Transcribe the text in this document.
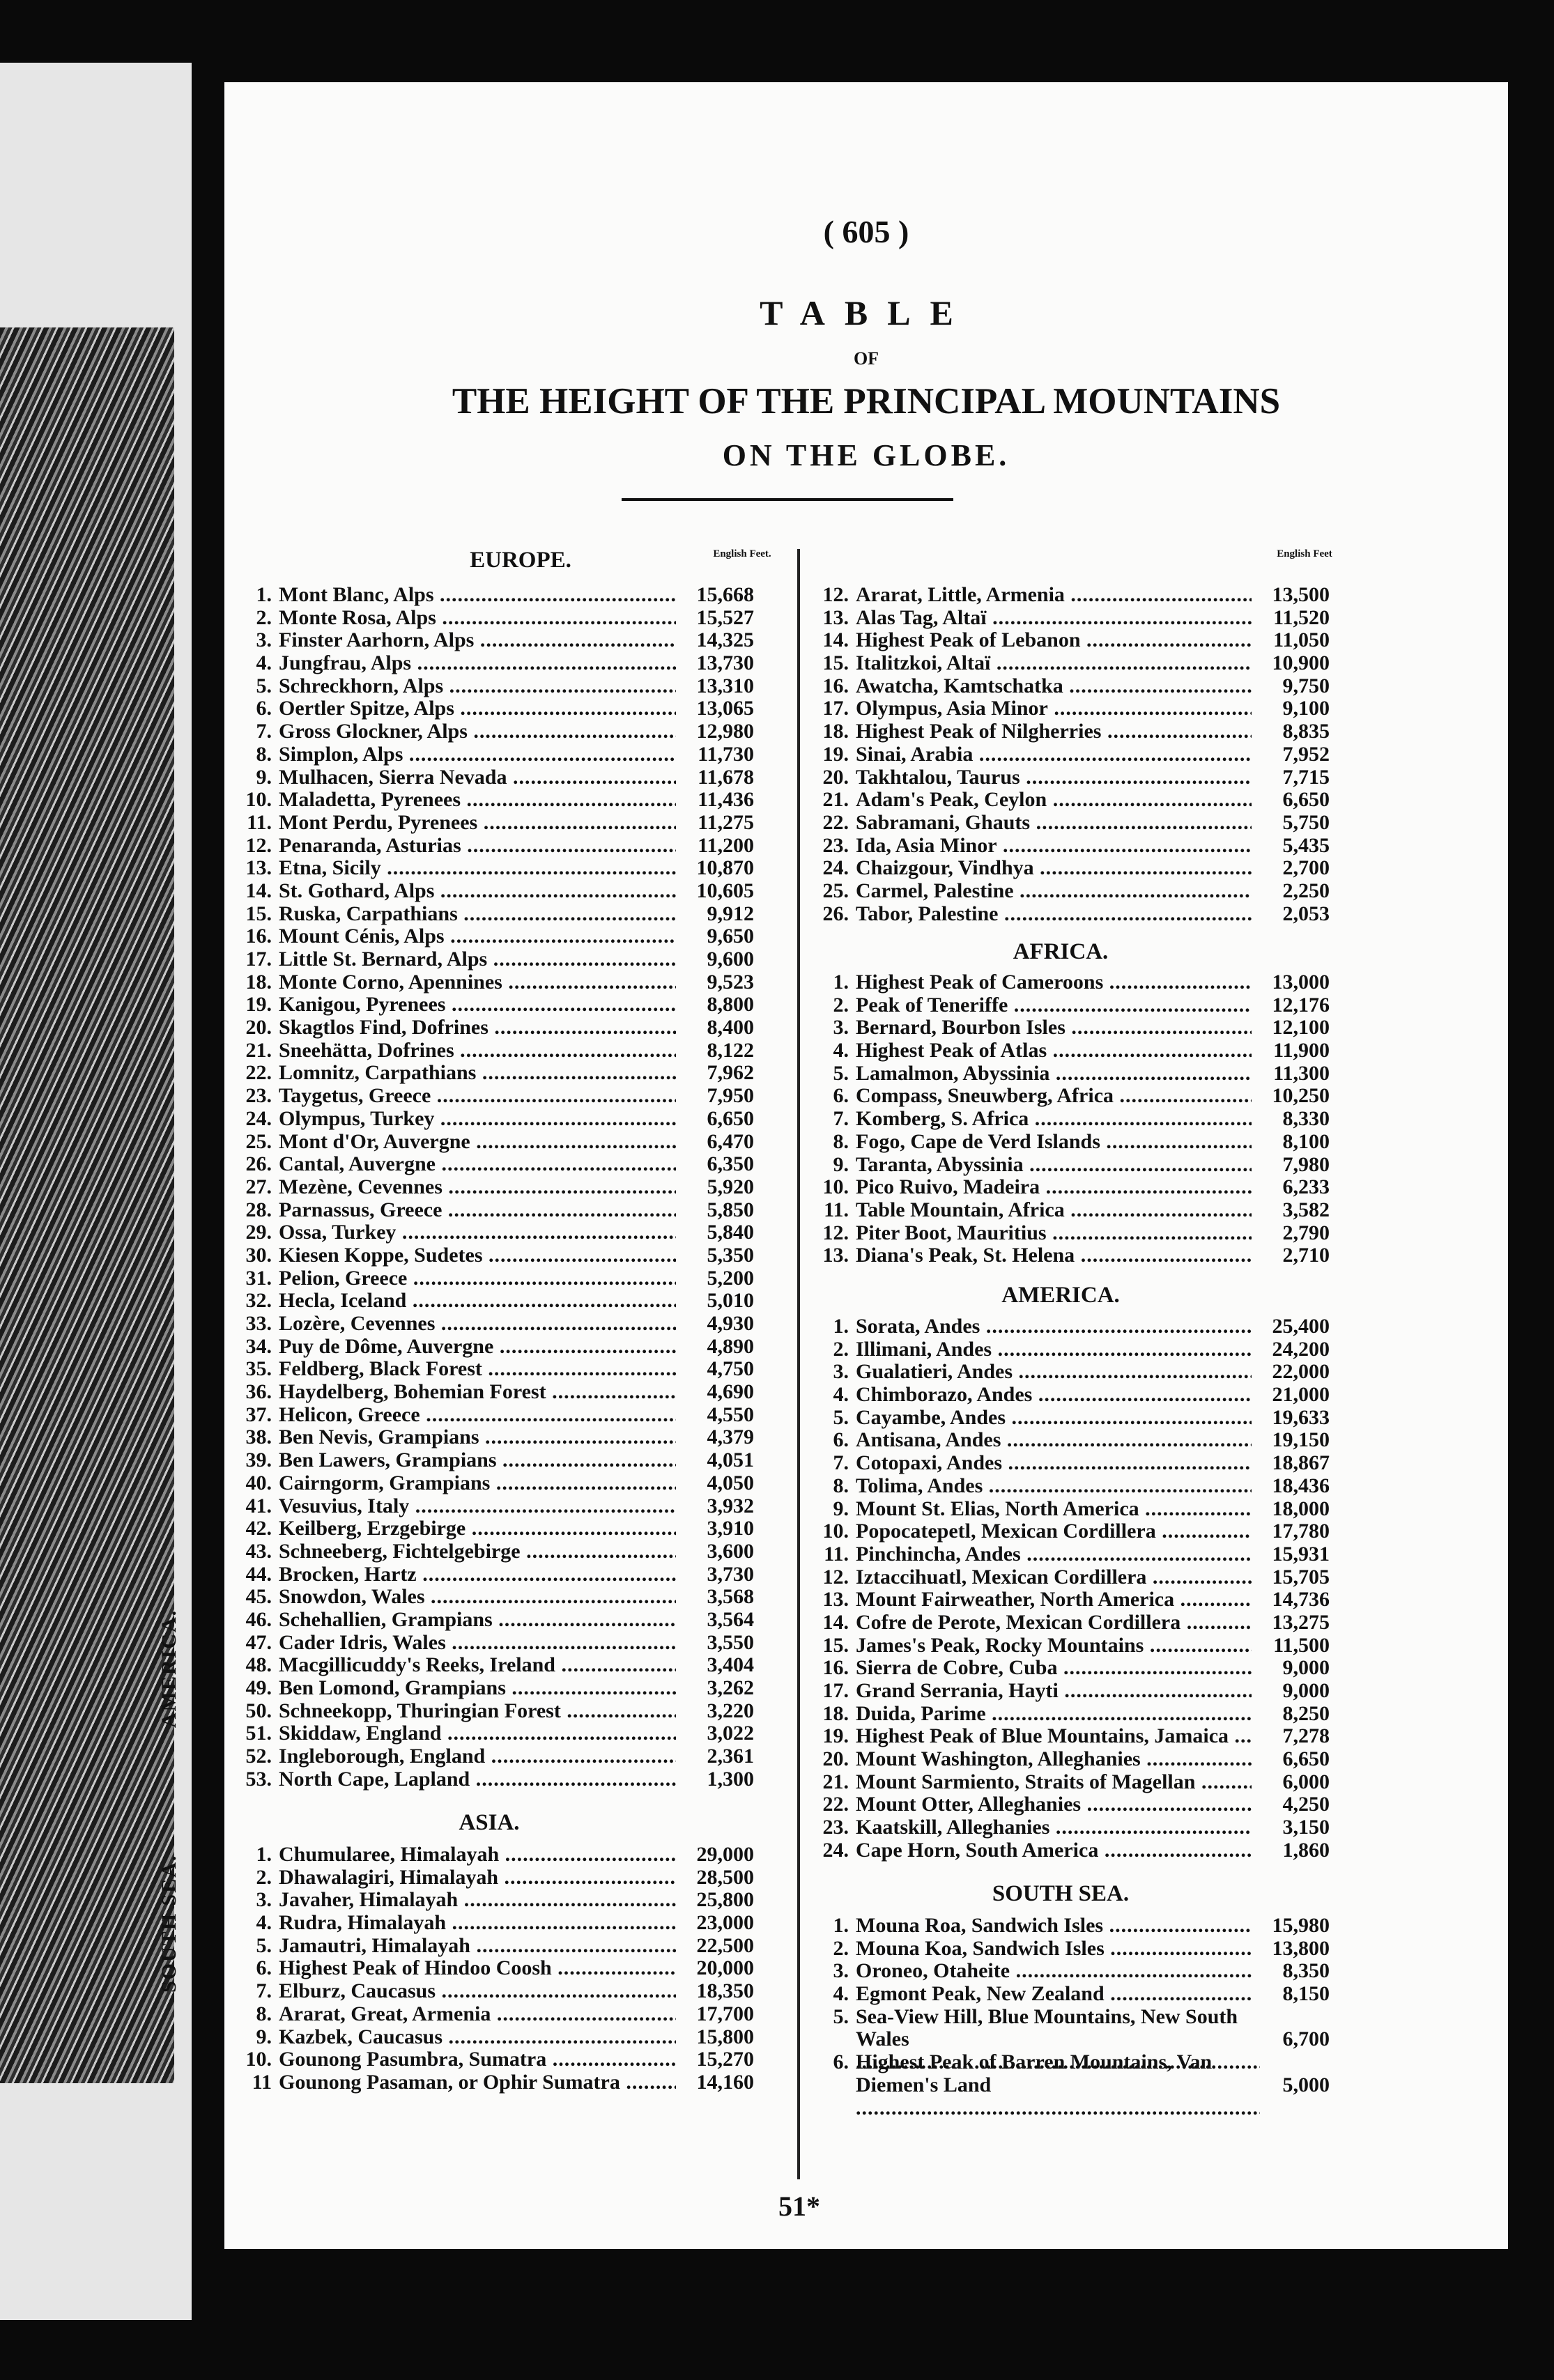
AMERICA.
SOUTH SEA.
( 605 )
TABLE
OF
THE HEIGHT OF THE PRINCIPAL MOUNTAINS
ON THE GLOBE.
EUROPE.	English Feet.
1. Mont Blanc, Alps .....	15,668
2. Monte Rosa, Alps .....	15,527
3. Finster Aarhorn, Alps .....	14,325
4. Jungfrau, Alps .....	13,730
5. Schreckhorn, Alps .....	13,310
6. Oertler Spitze, Alps .....	13,065
7. Gross Glockner, Alps .....	12,980
8. Simplon, Alps .....	11,730
9. Mulhacen, Sierra Nevada .....	11,678
10. Maladetta, Pyrenees .....	11,436
11. Mont Perdu, Pyrenees .....	11,275
12. Penaranda, Asturias .....	11,200
13. Etna, Sicily .....	10,870
14. St. Gothard, Alps .....	10,605
15. Ruska, Carpathians .....	9,912
16. Mount Cénis, Alps .....	9,650
17. Little St. Bernard, Alps .....	9,600
18. Monte Corno, Apennines .....	9,523
19. Kanigou, Pyrenees .....	8,800
20. Skagtlos Find, Dofrines .....	8,400
21. Sneehätta, Dofrines .....	8,122
22. Lomnitz, Carpathians .....	7,962
23. Taygetus, Greece .....	7,950
24. Olympus, Turkey .....	6,650
25. Mont d'Or, Auvergne .....	6,470
26. Cantal, Auvergne .....	6,350
27. Mezène, Cevennes .....	5,920
28. Parnassus, Greece .....	5,850
29. Ossa, Turkey .....	5,840
30. Kiesen Koppe, Sudetes .....	5,350
31. Pelion, Greece .....	5,200
32. Hecla, Iceland .....	5,010
33. Lozère, Cevennes .....	4,930
34. Puy de Dôme, Auvergne .....	4,890
35. Feldberg, Black Forest .....	4,750
36. Haydelberg, Bohemian Forest .....	4,690
37. Helicon, Greece .....	4,550
38. Ben Nevis, Grampians .....	4,379
39. Ben Lawers, Grampians .....	4,051
40. Cairngorm, Grampians .....	4,050
41. Vesuvius, Italy .....	3,932
42. Keilberg, Erzgebirge .....	3,910
43. Schneeberg, Fichtelgebirge .....	3,600
44. Brocken, Hartz .....	3,730
45. Snowdon, Wales .....	3,568
46. Schehallien, Grampians .....	3,564
47. Cader Idris, Wales .....	3,550
48. Macgillicuddy's Reeks, Ireland .....	3,404
49. Ben Lomond, Grampians .....	3,262
50. Schneekopp, Thuringian Forest .....	3,220
51. Skiddaw, England .....	3,022
52. Ingleborough, England .....	2,361
53. North Cape, Lapland .....	1,300
ASIA.
1. Chumularee, Himalayah .....	29,000
2. Dhawalagiri, Himalayah .....	28,500
3. Javaher, Himalayah .....	25,800
4. Rudra, Himalayah .....	23,000
5. Jamautri, Himalayah .....	22,500
6. Highest Peak of Hindoo Coosh .....	20,000
7. Elburz, Caucasus .....	18,350
8. Ararat, Great, Armenia .....	17,700
9. Kazbek, Caucasus .....	15,800
10. Gounong Pasumbra, Sumatra .....	15,270
11 Gounong Pasaman, or Ophir Sumatra .....	14,160
English Feet
12. Ararat, Little, Armenia .....	13,500
13. Alas Tag, Altaï .....	11,520
14. Highest Peak of Lebanon .....	11,050
15. Italitzkoi, Altaï .....	10,900
16. Awatcha, Kamtschatka .....	9,750
17. Olympus, Asia Minor .....	9,100
18. Highest Peak of Nilgherries .....	8,835
19. Sinai, Arabia .....	7,952
20. Takhtalou, Taurus .....	7,715
21. Adam's Peak, Ceylon .....	6,650
22. Sabramani, Ghauts .....	5,750
23. Ida, Asia Minor .....	5,435
24. Chaizgour, Vindhya .....	2,700
25. Carmel, Palestine .....	2,250
26. Tabor, Palestine .....	2,053
AFRICA.
1. Highest Peak of Cameroons .....	13,000
2. Peak of Teneriffe .....	12,176
3. Bernard, Bourbon Isles .....	12,100
4. Highest Peak of Atlas .....	11,900
5. Lamalmon, Abyssinia .....	11,300
6. Compass, Sneuwberg, Africa .....	10,250
7. Komberg, S. Africa .....	8,330
8. Fogo, Cape de Verd Islands .....	8,100
9. Taranta, Abyssinia .....	7,980
10. Pico Ruivo, Madeira .....	6,233
11. Table Mountain, Africa .....	3,582
12. Piter Boot, Mauritius .....	2,790
13. Diana's Peak, St. Helena .....	2,710
AMERICA.
1. Sorata, Andes .....	25,400
2. Illimani, Andes .....	24,200
3. Gualatieri, Andes .....	22,000
4. Chimborazo, Andes .....	21,000
5. Cayambe, Andes .....	19,633
6. Antisana, Andes .....	19,150
7. Cotopaxi, Andes .....	18,867
8. Tolima, Andes .....	18,436
9. Mount St. Elias, North America .....	18,000
10. Popocatepetl, Mexican Cordillera .....	17,780
11. Pinchincha, Andes .....	15,931
12. Iztaccihuatl, Mexican Cordillera .....	15,705
13. Mount Fairweather, North America .....	14,736
14. Cofre de Perote, Mexican Cordillera .....	13,275
15. James's Peak, Rocky Mountains .....	11,500
16. Sierra de Cobre, Cuba .....	9,000
17. Grand Serrania, Hayti .....	9,000
18. Duida, Parime .....	8,250
19. Highest Peak of Blue Mountains, Jamaica .....	7,278
20. Mount Washington, Alleghanies .....	6,650
21. Mount Sarmiento, Straits of Magellan .....	6,000
22. Mount Otter, Alleghanies .....	4,250
23. Kaatskill, Alleghanies .....	3,150
24. Cape Horn, South America .....	1,860
SOUTH SEA.
1. Mouna Roa, Sandwich Isles .....	15,980
2. Mouna Koa, Sandwich Isles .....	13,800
3. Oroneo, Otaheite .....	8,350
4. Egmont Peak, New Zealand .....	8,150
5. Sea-View Hill, Blue Mountains, New South Wales .....	6,700
6. Highest Peak of Barren Mountains, Van Diemen's Land .....	5,000
51*
